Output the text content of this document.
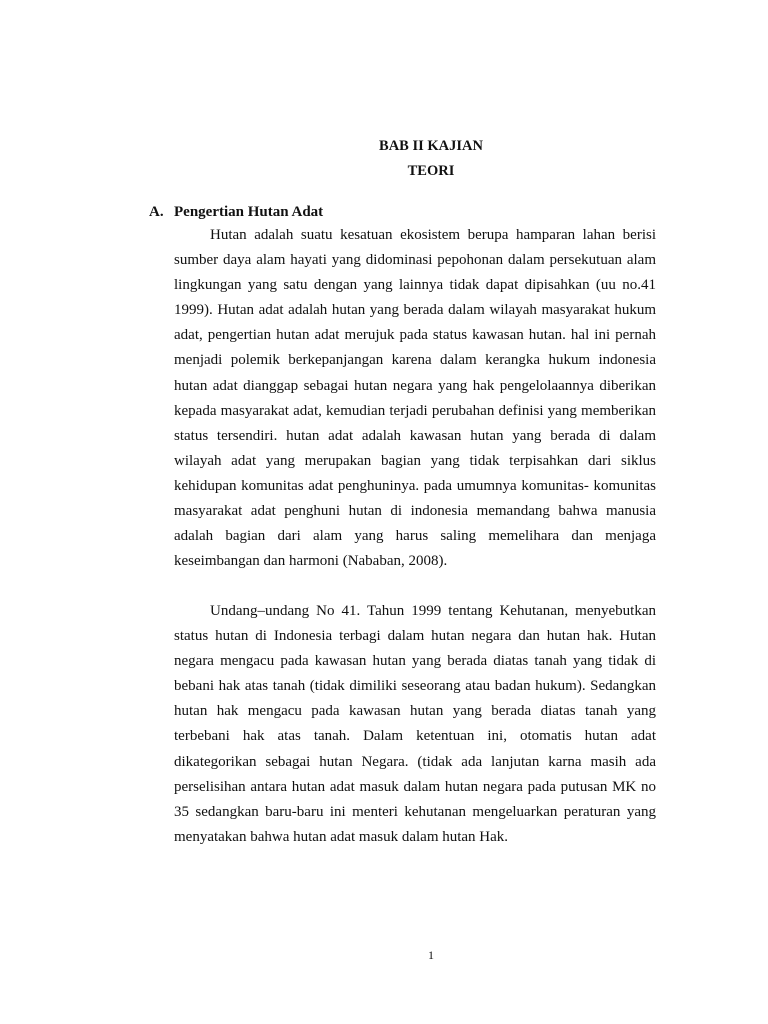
BAB II KAJIAN
TEORI
A. Pengertian Hutan Adat

Hutan adalah suatu kesatuan ekosistem berupa hamparan lahan berisi sumber daya alam hayati yang didominasi pepohonan dalam persekutuan alam lingkungan yang satu dengan yang lainnya tidak dapat dipisahkan (uu no.41 1999). Hutan adat adalah hutan yang berada dalam wilayah masyarakat hukum adat, pengertian hutan adat merujuk pada status kawasan hutan. hal ini pernah menjadi polemik berkepanjangan karena dalam kerangka hukum indonesia hutan adat dianggap sebagai hutan negara yang hak pengelolaannya diberikan kepada masyarakat adat, kemudian terjadi perubahan definisi yang memberikan status tersendiri. hutan adat adalah kawasan hutan yang berada di dalam wilayah adat yang merupakan bagian yang tidak terpisahkan dari siklus kehidupan komunitas adat penghuninya. pada umumnya komunitas- komunitas masyarakat adat penghuni hutan di indonesia memandang bahwa manusia adalah bagian dari alam yang harus saling memelihara dan menjaga keseimbangan dan harmoni (Nababan, 2008).

Undang–undang No 41. Tahun 1999 tentang Kehutanan, menyebutkan status hutan di Indonesia terbagi dalam hutan negara dan hutan hak. Hutan negara mengacu pada kawasan hutan yang berada diatas tanah yang tidak di bebani hak atas tanah (tidak dimiliki seseorang atau badan hukum). Sedangkan hutan hak mengacu pada kawasan hutan yang berada diatas tanah yang terbebani hak atas tanah. Dalam ketentuan ini, otomatis hutan adat dikategorikan sebagai hutan Negara. (tidak ada lanjutan karna masih ada perselisihan antara hutan adat masuk dalam hutan negara pada putusan MK no 35 sedangkan baru-baru ini menteri kehutanan mengeluarkan peraturan yang menyatakan bahwa hutan adat masuk dalam hutan Hak.

1
